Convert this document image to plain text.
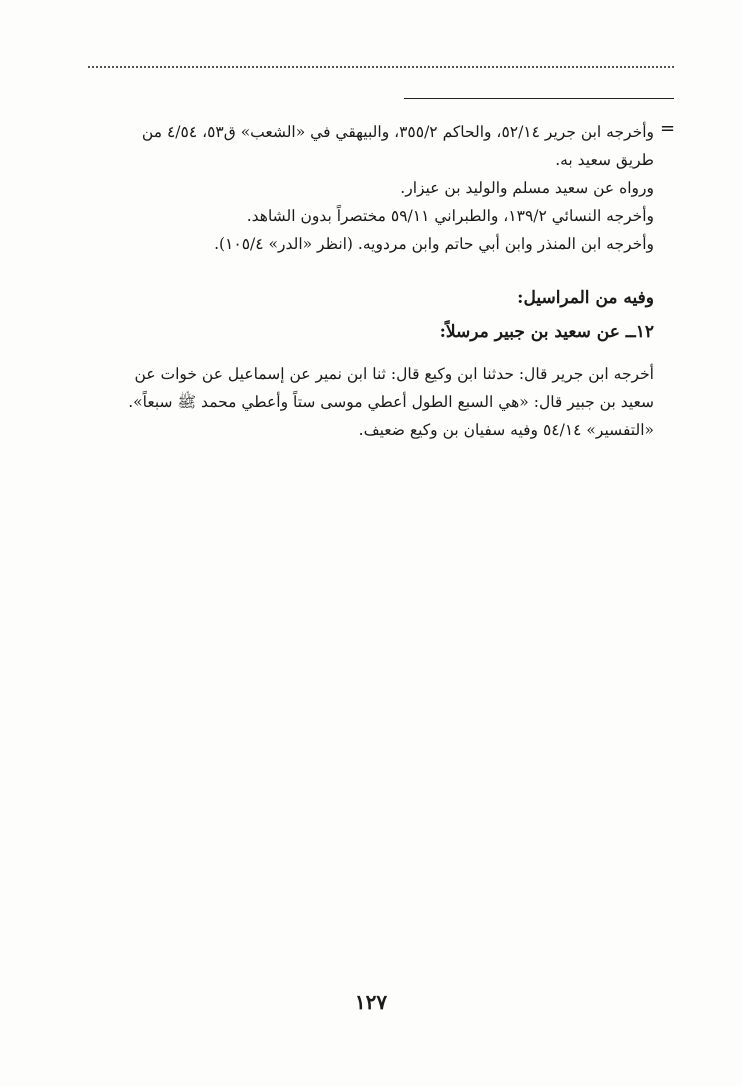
=
وأخرجه ابن جرير ٥٢/١٤، والحاكم ٣٥٥/٢، والبيهقي في «الشعب» ق٥٣، ٤/٥٤ من
طريق سعيد به.
ورواه عن سعيد مسلم والوليد بن عيزار.
وأخرجه النسائي ١٣٩/٢، والطبراني ٥٩/١١ مختصراً بدون الشاهد.
وأخرجه ابن المنذر وابن أبي حاتم وابن مردويه. (انظر «الدر» ١٠٥/٤).
وفيه من المراسيل:
١٢ــ عن سعيد بن جبير مرسلاً:
أخرجه ابن جرير قال: حدثنا ابن وكيع قال: ثنا ابن نمير عن إسماعيل عن خوات عن
سعيد بن جبير قال: «هي السبع الطول أعطي موسى ستاً وأعطي محمد ﷺ سبعاً».
«التفسير» ٥٤/١٤ وفيه سفيان بن وكيع ضعيف.
١٢٧
